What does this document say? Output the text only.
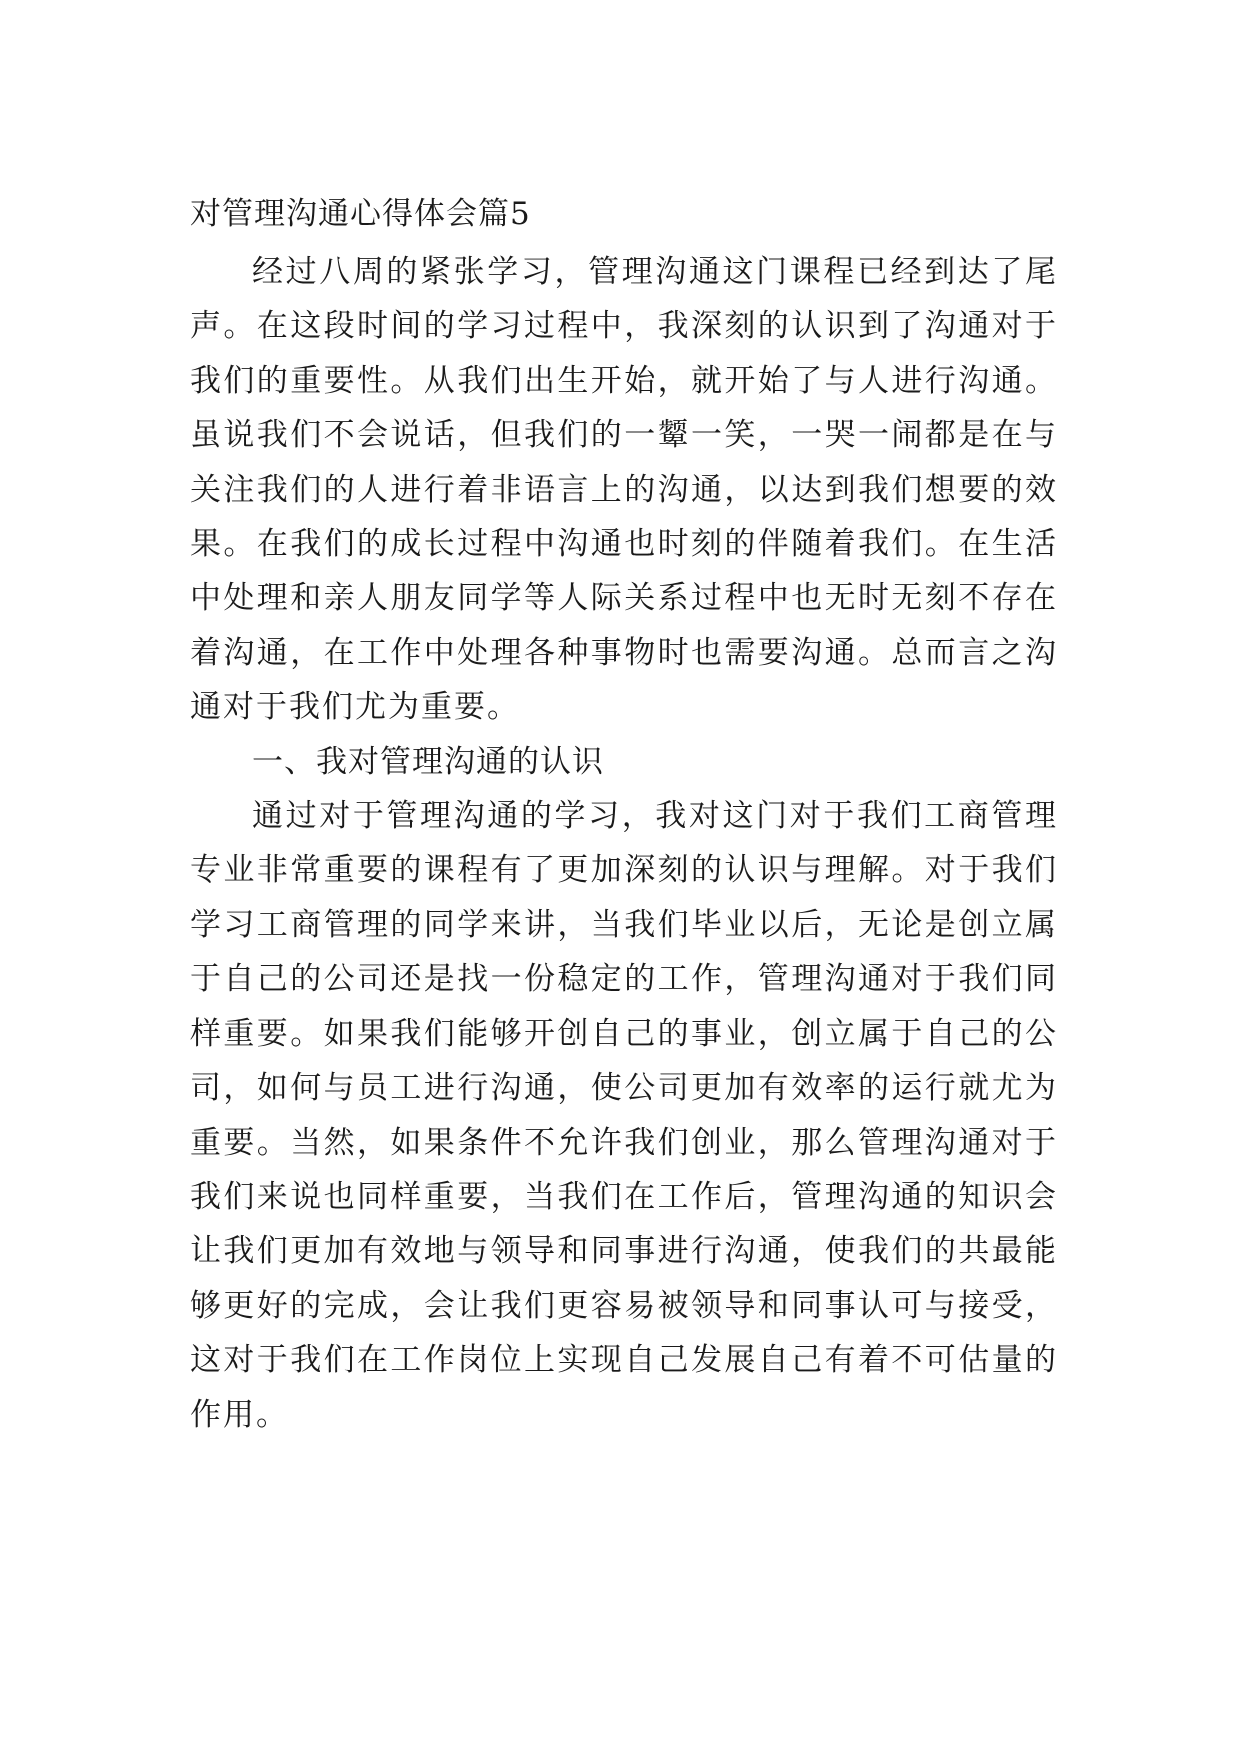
对管理沟通心得体会篇5

经过八周的紧张学习，管理沟通这门课程已经到达了尾声。在这段时间的学习过程中，我深刻的认识到了沟通对于我们的重要性。从我们出生开始，就开始了与人进行沟通。虽说我们不会说话，但我们的一颦一笑，一哭一闹都是在与关注我们的人进行着非语言上的沟通，以达到我们想要的效果。在我们的成长过程中沟通也时刻的伴随着我们。在生活中处理和亲人朋友同学等人际关系过程中也无时无刻不存在着沟通，在工作中处理各种事物时也需要沟通。总而言之沟通对于我们尤为重要。

一、我对管理沟通的认识

通过对于管理沟通的学习，我对这门对于我们工商管理专业非常重要的课程有了更加深刻的认识与理解。对于我们学习工商管理的同学来讲，当我们毕业以后，无论是创立属于自己的公司还是找一份稳定的工作，管理沟通对于我们同样重要。如果我们能够开创自己的事业，创立属于自己的公司，如何与员工进行沟通，使公司更加有效率的运行就尤为重要。当然，如果条件不允许我们创业，那么管理沟通对于我们来说也同样重要，当我们在工作后，管理沟通的知识会让我们更加有效地与领导和同事进行沟通，使我们的共最能够更好的完成，会让我们更容易被领导和同事认可与接受，这对于我们在工作岗位上实现自己发展自己有着不可估量的作用。
